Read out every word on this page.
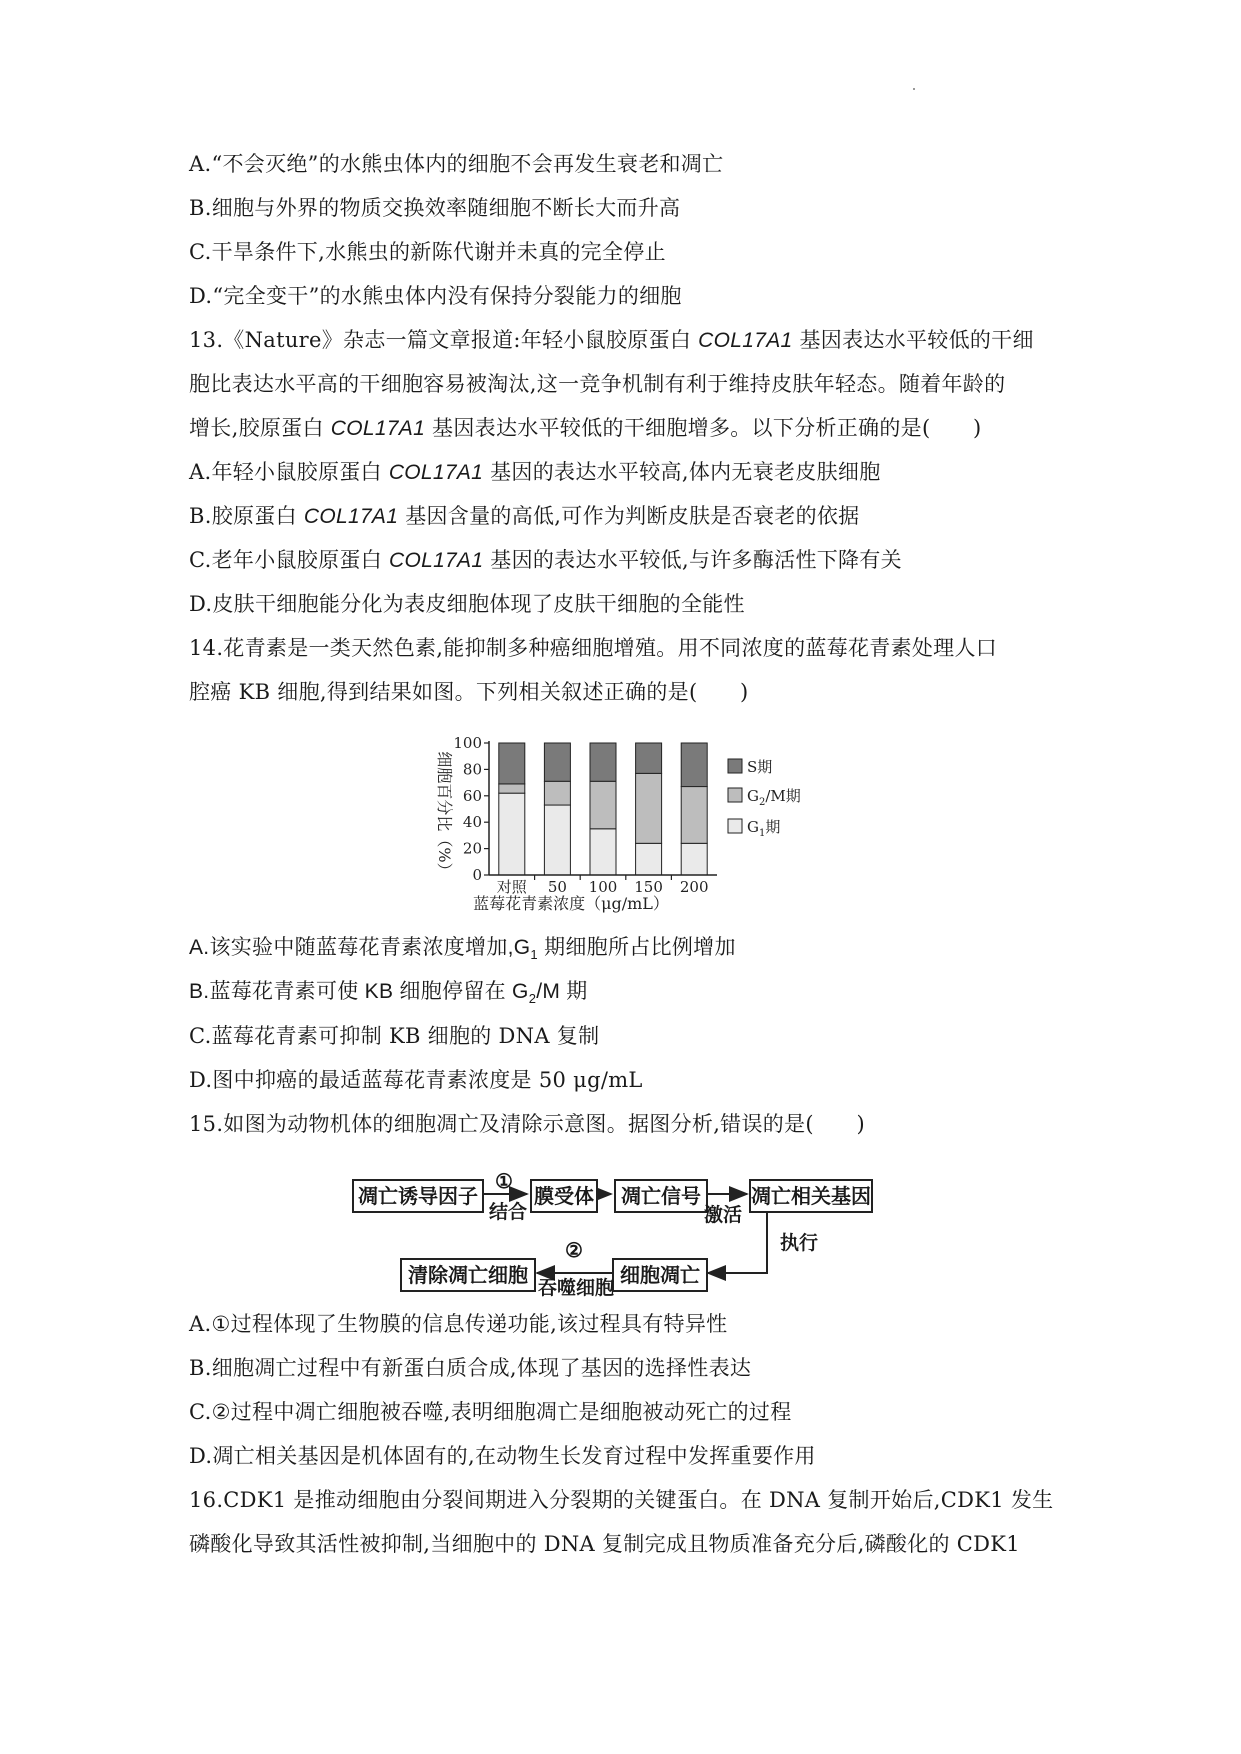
A.“不会灭绝”的水熊虫体内的细胞不会再发生衰老和凋亡
B.细胞与外界的物质交换效率随细胞不断长大而升高
C.干旱条件下,水熊虫的新陈代谢并未真的完全停止
D.“完全变干”的水熊虫体内没有保持分裂能力的细胞
13.《Nature》杂志一篇文章报道:年轻小鼠胶原蛋白 COL17A1 基因表达水平较低的干细
胞比表达水平高的干细胞容易被淘汰,这一竞争机制有利于维持皮肤年轻态。随着年龄的
增长,胶原蛋白 COL17A1 基因表达水平较低的干细胞增多。以下分析正确的是(　　)
A.年轻小鼠胶原蛋白 COL17A1 基因的表达水平较高,体内无衰老皮肤细胞
B.胶原蛋白 COL17A1 基因含量的高低,可作为判断皮肤是否衰老的依据
C.老年小鼠胶原蛋白 COL17A1 基因的表达水平较低,与许多酶活性下降有关
D.皮肤干细胞能分化为表皮细胞体现了皮肤干细胞的全能性
14.花青素是一类天然色素,能抑制多种癌细胞增殖。用不同浓度的蓝莓花青素处理人口
腔癌 KB 细胞,得到结果如图。下列相关叙述正确的是(　　)
细胞百分比（%） 0
20
40
60
80
100
对照 50 100 150 200
蓝莓花青素浓度（μg/mL）
S期
$G_2/M$期
$G_1$期
A.该实验中随蓝莓花青素浓度增加$,G_1$ 期细胞所占比例增加
B.蓝莓花青素可使 KB 细胞停留在 $G_2/M$ 期
C.蓝莓花青素可抑制 KB 细胞的 DNA 复制
D.图中抑癌的最适蓝莓花青素浓度是 50 μg/mL
15.如图为动物机体的细胞凋亡及清除示意图。据图分析,错误的是(　　)
凋亡诱导因子
①
结合
膜受体	凋亡信号
激活
凋亡相关基因
执行
细胞凋亡
②
吞噬细胞
清除凋亡细胞
A.①过程体现了生物膜的信息传递功能,该过程具有特异性
B.细胞凋亡过程中有新蛋白质合成,体现了基因的选择性表达
C.②过程中凋亡细胞被吞噬,表明细胞凋亡是细胞被动死亡的过程
D.凋亡相关基因是机体固有的,在动物生长发育过程中发挥重要作用
16.CDK1 是推动细胞由分裂间期进入分裂期的关键蛋白。在 DNA 复制开始后,CDK1 发生
磷酸化导致其活性被抑制,当细胞中的 DNA 复制完成且物质准备充分后,磷酸化的 CDK1
